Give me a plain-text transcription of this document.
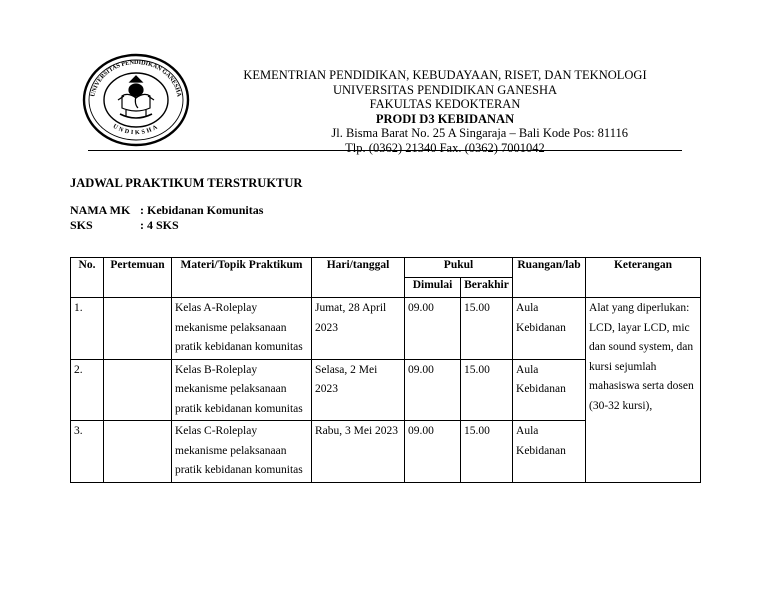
UNIVERSITAS PENDIDIKAN GANESHA
UNDIKSHA
KEMENTRIAN PENDIDIKAN, KEBUDAYAAN, RISET, DAN TEKNOLOGI
UNIVERSITAS PENDIDIKAN GANESHA
FAKULTAS KEDOKTERAN
PRODI D3 KEBIDANAN
Jl. Bisma Barat No. 25 A Singaraja – Bali Kode Pos: 81116
Tlp. (0362) 21340 Fax. (0362) 7001042
JADWAL PRAKTIKUM TERSTRUKTUR
NAMA MK : Kebidanan Komunitas
SKS	: 4 SKS
No.	Pertemuan	Materi/Topik Praktikum	Hari/tanggal	Pukul		Ruangan/lab	Keterangan
				Dimulai	Berakhir		
1.		Kelas A-Roleplay mekanisme pelaksanaan pratik kebidanan komunitas	Jumat, 28 April 2023	09.00	15.00	Aula Kebidanan	Alat yang diperlukan: LCD, layar LCD, mic dan sound system, dan kursi sejumlah mahasiswa serta dosen (30-32 kursi),
2.		Kelas B-Roleplay mekanisme pelaksanaan pratik kebidanan komunitas	Selasa, 2 Mei 2023	09.00	15.00	Aula Kebidanan	
3.		Kelas C-Roleplay mekanisme pelaksanaan pratik kebidanan komunitas	Rabu, 3 Mei 2023	09.00	15.00	Aula Kebidanan	
